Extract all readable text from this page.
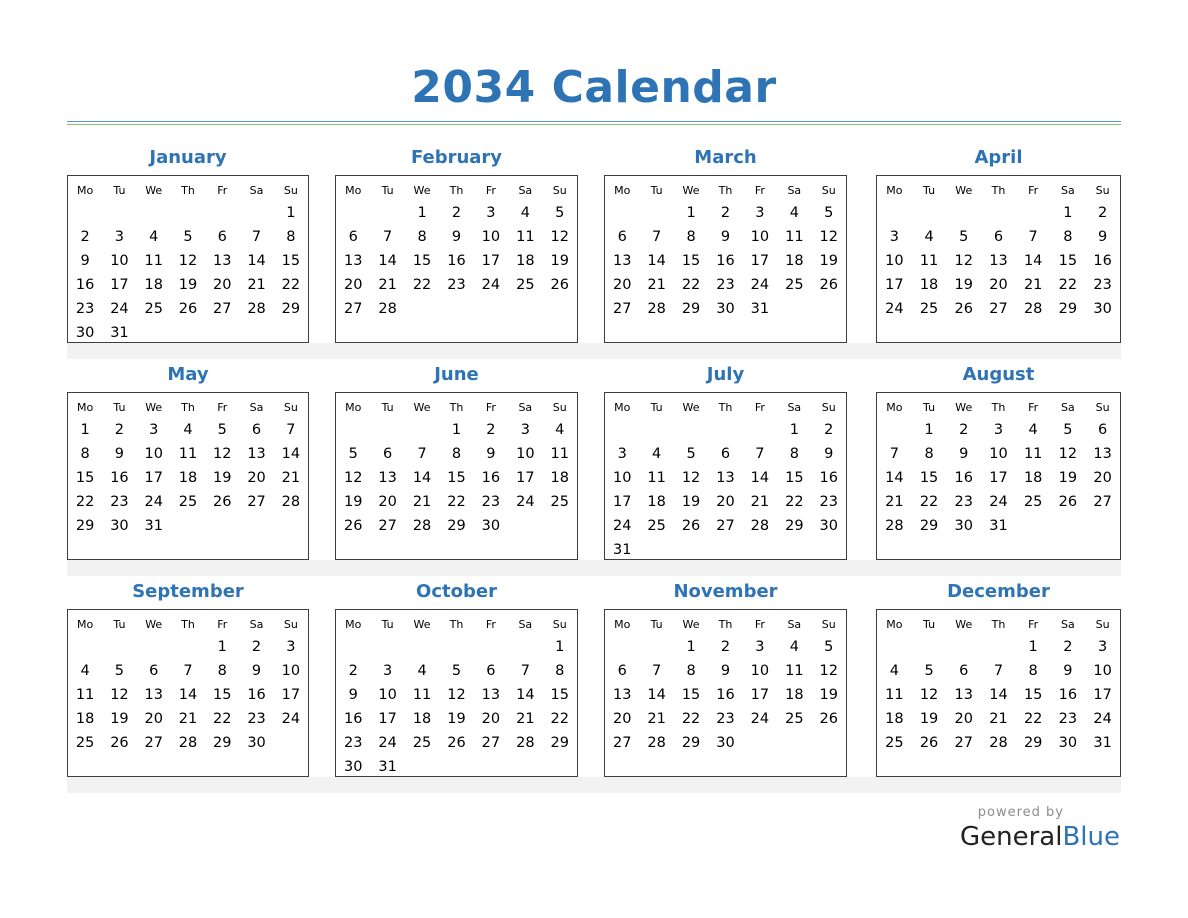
2034 Calendar
January
Mo	Tu	We	Th	Fr	Sa	Su
						1
2	3	4	5	6	7	8
9	10	11	12	13	14	15
16	17	18	19	20	21	22
23	24	25	26	27	28	29
30	31					
February
Mo	Tu	We	Th	Fr	Sa	Su
		1	2	3	4	5
6	7	8	9	10	11	12
13	14	15	16	17	18	19
20	21	22	23	24	25	26
27	28					
March
Mo	Tu	We	Th	Fr	Sa	Su
		1	2	3	4	5
6	7	8	9	10	11	12
13	14	15	16	17	18	19
20	21	22	23	24	25	26
27	28	29	30	31		
April
Mo	Tu	We	Th	Fr	Sa	Su
					1	2
3	4	5	6	7	8	9
10	11	12	13	14	15	16
17	18	19	20	21	22	23
24	25	26	27	28	29	30
May
Mo	Tu	We	Th	Fr	Sa	Su
1	2	3	4	5	6	7
8	9	10	11	12	13	14
15	16	17	18	19	20	21
22	23	24	25	26	27	28
29	30	31				
June
Mo	Tu	We	Th	Fr	Sa	Su
			1	2	3	4
5	6	7	8	9	10	11
12	13	14	15	16	17	18
19	20	21	22	23	24	25
26	27	28	29	30		
July
Mo	Tu	We	Th	Fr	Sa	Su
					1	2
3	4	5	6	7	8	9
10	11	12	13	14	15	16
17	18	19	20	21	22	23
24	25	26	27	28	29	30
31						
August
Mo	Tu	We	Th	Fr	Sa	Su
	1	2	3	4	5	6
7	8	9	10	11	12	13
14	15	16	17	18	19	20
21	22	23	24	25	26	27
28	29	30	31			
September
Mo	Tu	We	Th	Fr	Sa	Su
				1	2	3
4	5	6	7	8	9	10
11	12	13	14	15	16	17
18	19	20	21	22	23	24
25	26	27	28	29	30	
October
Mo	Tu	We	Th	Fr	Sa	Su
						1
2	3	4	5	6	7	8
9	10	11	12	13	14	15
16	17	18	19	20	21	22
23	24	25	26	27	28	29
30	31					
November
Mo	Tu	We	Th	Fr	Sa	Su
		1	2	3	4	5
6	7	8	9	10	11	12
13	14	15	16	17	18	19
20	21	22	23	24	25	26
27	28	29	30			
December
Mo	Tu	We	Th	Fr	Sa	Su
				1	2	3
4	5	6	7	8	9	10
11	12	13	14	15	16	17
18	19	20	21	22	23	24
25	26	27	28	29	30	31
powered by
GeneralBlue
